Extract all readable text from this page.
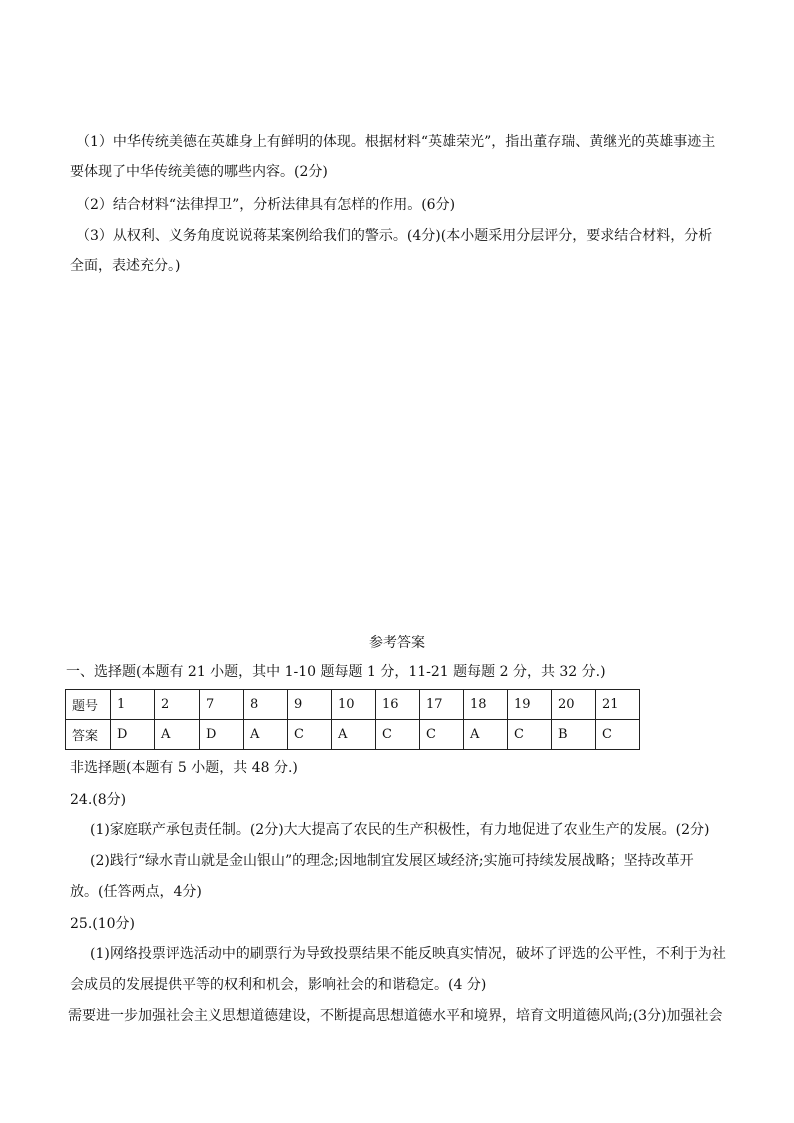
（1）中华传统美德在英雄身上有鲜明的体现。根据材料“英雄荣光”，指出董存瑞、黄继光的英雄事迹主
要体现了中华传统美德的哪些内容。(2分)
（2）结合材料“法律捍卫”，分析法律具有怎样的作用。(6分)
（3）从权利、义务角度说说蒋某案例给我们的警示。(4分)(本小题采用分层评分，要求结合材料，分析
全面，表述充分。)
参考答案
一、选择题(本题有 21 小题，其中 1-10 题每题 1 分，11-21 题每题 2 分，共 32 分.)
题号	1	2	7	8	9	10	16	17	18	19	20	21
答案	D	A	D	A	C	A	C	C	A	C	B	C
非选择题(本题有 5 小题，共 48 分.)
24.(8分)
(1)家庭联产承包责任制。(2分)大大提高了农民的生产积极性，有力地促进了农业生产的发展。(2分)
(2)践行“绿水青山就是金山银山”的理念;因地制宜发展区域经济;实施可持续发展战略；坚持改革开
放。(任答两点，4分)
25.(10分)
(1)网络投票评选活动中的刷票行为导致投票结果不能反映真实情况，破坏了评选的公平性，不利于为社
会成员的发展提供平等的权利和机会，影响社会的和谐稳定。(4 分)
需要进一步加强社会主义思想道德建设，不断提高思想道德水平和境界，培育文明道德风尚;(3分)加强社会
